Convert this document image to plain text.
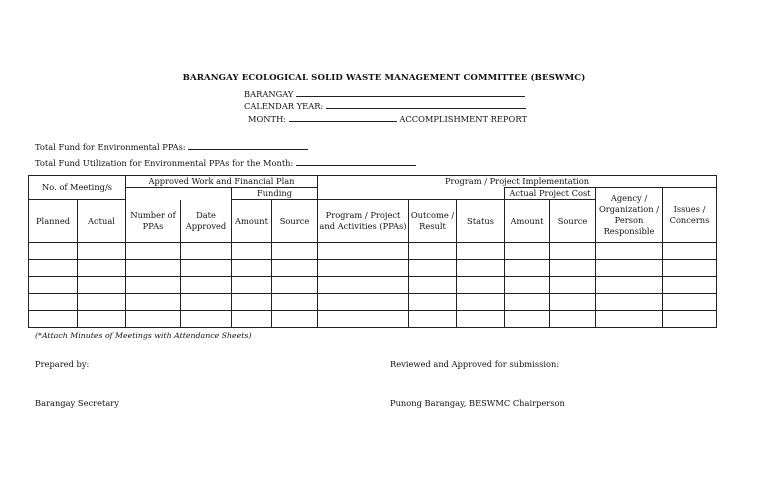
BARANGAY ECOLOGICAL SOLID WASTE MANAGEMENT COMMITTEE (BESWMC)
BARANGAY
CALENDAR YEAR:
MONTH:	ACCOMPLISHMENT REPORT
Total Fund for Environmental PPAs:
Total Fund Utilization for Environmental PPAs for the Month:
No. of Meeting/s		Approved Work and Financial Plan				Program / Project Implementation						
				Funding					Actual Project Cost		Agency / Organization / Person Responsible	Issues / Concerns
Planned	Actual	Number of PPAs	Date Approved	Amount	Source	Program / Project and Activities (PPAs)	Outcome / Result	Status	Amount	Source		

(*Attach Minutes of Meetings with Attendance Sheets)
Prepared by:	Reviewed and Approved for submission:
Barangay Secretary	Punong Barangay, BESWMC Chairperson
